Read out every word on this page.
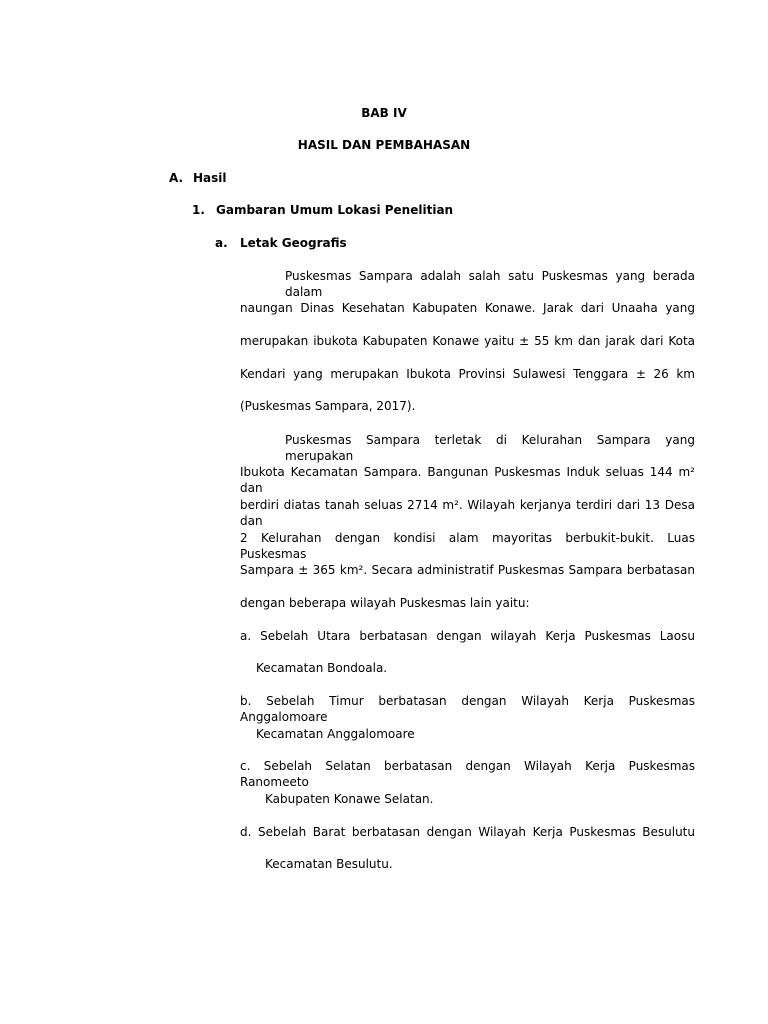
BAB IV
HASIL DAN PEMBAHASAN
A. Hasil
1. Gambaran Umum Lokasi Penelitian
a. Letak Geografis
Puskesmas Sampara adalah salah satu Puskesmas yang berada dalam
naungan Dinas Kesehatan Kabupaten Konawe. Jarak dari Unaaha yang
merupakan ibukota Kabupaten Konawe yaitu ± 55 km dan jarak dari Kota
Kendari yang merupakan Ibukota Provinsi Sulawesi Tenggara ± 26 km
(Puskesmas Sampara, 2017).
Puskesmas Sampara terletak di Kelurahan Sampara yang merupakan
Ibukota Kecamatan Sampara. Bangunan Puskesmas Induk seluas 144 m² dan
berdiri diatas tanah seluas 2714 m². Wilayah kerjanya terdiri dari 13 Desa dan
2 Kelurahan dengan kondisi alam mayoritas berbukit-bukit. Luas Puskesmas
Sampara ± 365 km². Secara administratif Puskesmas Sampara berbatasan
dengan beberapa wilayah Puskesmas lain yaitu:
a. Sebelah Utara berbatasan dengan wilayah Kerja Puskesmas Laosu
Kecamatan Bondoala.
b. Sebelah Timur berbatasan dengan Wilayah Kerja Puskesmas Anggalomoare
Kecamatan Anggalomoare
c. Sebelah Selatan berbatasan dengan Wilayah Kerja Puskesmas Ranomeeto
Kabupaten Konawe Selatan.
d. Sebelah Barat berbatasan dengan Wilayah Kerja Puskesmas Besulutu
Kecamatan Besulutu.
